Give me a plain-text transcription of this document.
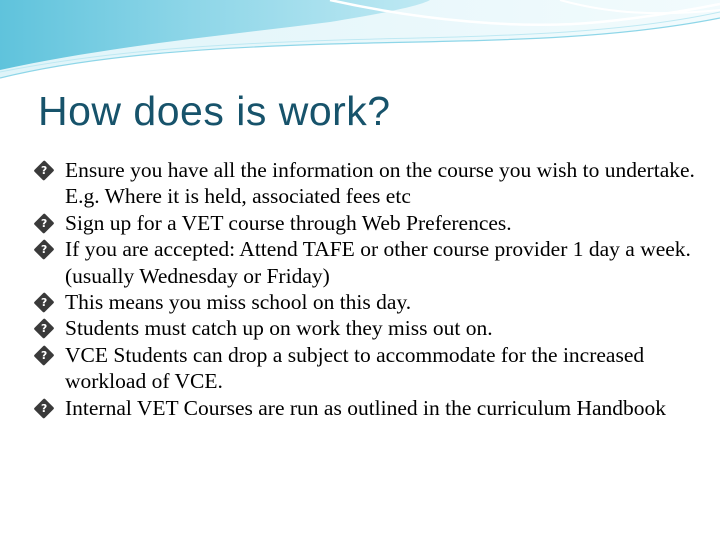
How does is work?

? Ensure you have all the information on the course you wish to undertake. E.g. Where it is held, associated fees etc

? Sign up for a VET course through Web Preferences.

? If you are accepted: Attend TAFE or other course provider 1 day a week. (usually Wednesday or Friday)

? This means you miss school on this day.

? Students must catch up on work they miss out on.

? VCE Students can drop a subject to accommodate for the increased workload of VCE.

? Internal VET Courses are run as outlined in the curriculum Handbook
